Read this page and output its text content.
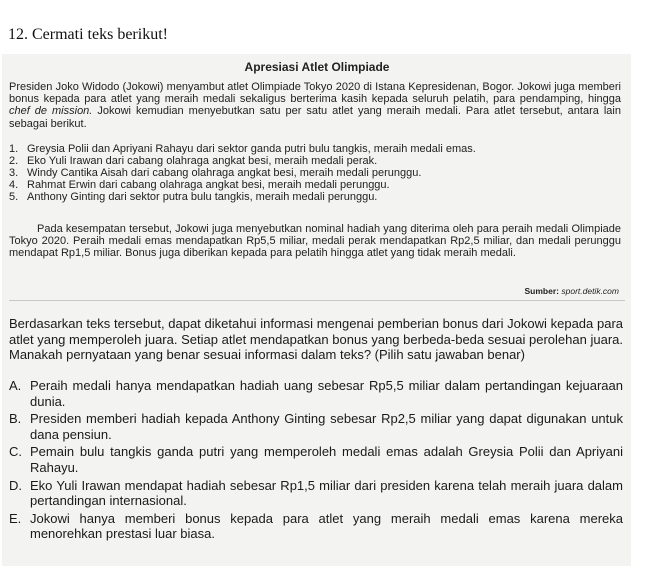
12. Cermati teks berikut!
Apresiasi Atlet Olimpiade
Presiden Joko Widodo (Jokowi) menyambut atlet Olimpiade Tokyo 2020 di Istana Kepresidenan, Bogor. Jokowi juga memberi bonus kepada para atlet yang meraih medali sekaligus berterima kasih kepada seluruh pelatih, para pendamping, hingga chef de mission. Jokowi kemudian menyebutkan satu per satu atlet yang meraih medali. Para atlet tersebut, antara lain sebagai berikut.
1. Greysia Polii dan Apriyani Rahayu dari sektor ganda putri bulu tangkis, meraih medali emas.
2. Eko Yuli Irawan dari cabang olahraga angkat besi, meraih medali perak.
3. Windy Cantika Aisah dari cabang olahraga angkat besi, meraih medali perunggu.
4. Rahmat Erwin dari cabang olahraga angkat besi, meraih medali perunggu.
5. Anthony Ginting dari sektor putra bulu tangkis, meraih medali perunggu.
Pada kesempatan tersebut, Jokowi juga menyebutkan nominal hadiah yang diterima oleh para peraih medali Olimpiade Tokyo 2020. Peraih medali emas mendapatkan Rp5,5 miliar, medali perak mendapatkan Rp2,5 miliar, dan medali perunggu mendapat Rp1,5 miliar. Bonus juga diberikan kepada para pelatih hingga atlet yang tidak meraih medali.
Sumber: sport.detik.com
Berdasarkan teks tersebut, dapat diketahui informasi mengenai pemberian bonus dari Jokowi kepada para atlet yang memperoleh juara. Setiap atlet mendapatkan bonus yang berbeda-beda sesuai perolehan juara. Manakah pernyataan yang benar sesuai informasi dalam teks? (Pilih satu jawaban benar)
A. Peraih medali hanya mendapatkan hadiah uang sebesar Rp5,5 miliar dalam pertandingan kejuaraan dunia.
B. Presiden memberi hadiah kepada Anthony Ginting sebesar Rp2,5 miliar yang dapat digunakan untuk dana pensiun.
C. Pemain bulu tangkis ganda putri yang memperoleh medali emas adalah Greysia Polii dan Apriyani Rahayu.
D. Eko Yuli Irawan mendapat hadiah sebesar Rp1,5 miliar dari presiden karena telah meraih juara dalam pertandingan internasional.
E. Jokowi hanya memberi bonus kepada para atlet yang meraih medali emas karena mereka menorehkan prestasi luar biasa.
